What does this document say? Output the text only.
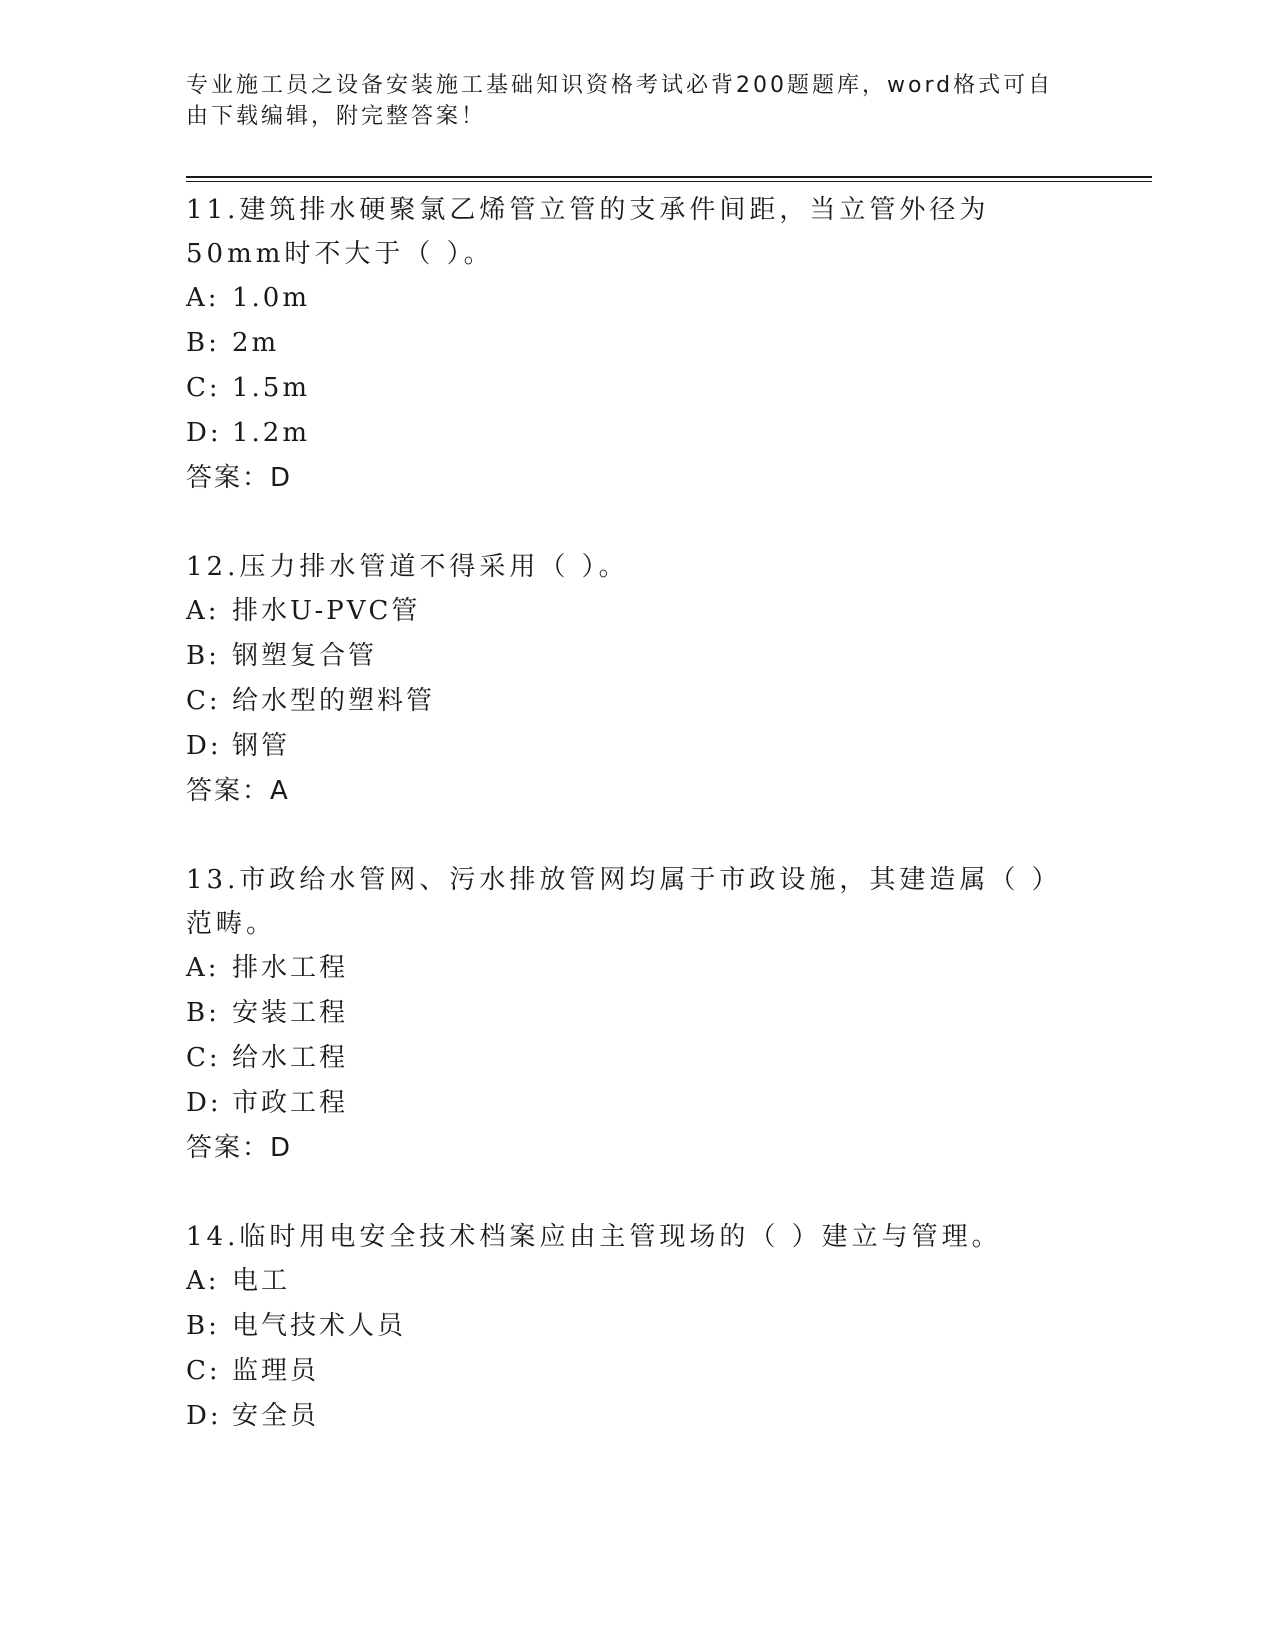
专业施工员之设备安装施工基础知识资格考试必背200题题库，word格式可自由下载编辑，附完整答案！
11.建筑排水硬聚氯乙烯管立管的支承件间距，当立管外径为50mm时不大于（ ）。
A: 1.0m
B: 2m
C: 1.5m
D: 1.2m
答案：D
12.压力排水管道不得采用（ ）。
A: 排水U-PVC管
B: 钢塑复合管
C: 给水型的塑料管
D: 钢管
答案：A
13.市政给水管网、污水排放管网均属于市政设施，其建造属（ ）范畴。
A: 排水工程
B: 安装工程
C: 给水工程
D: 市政工程
答案：D
14.临时用电安全技术档案应由主管现场的（ ）建立与管理。
A: 电工
B: 电气技术人员
C: 监理员
D: 安全员
